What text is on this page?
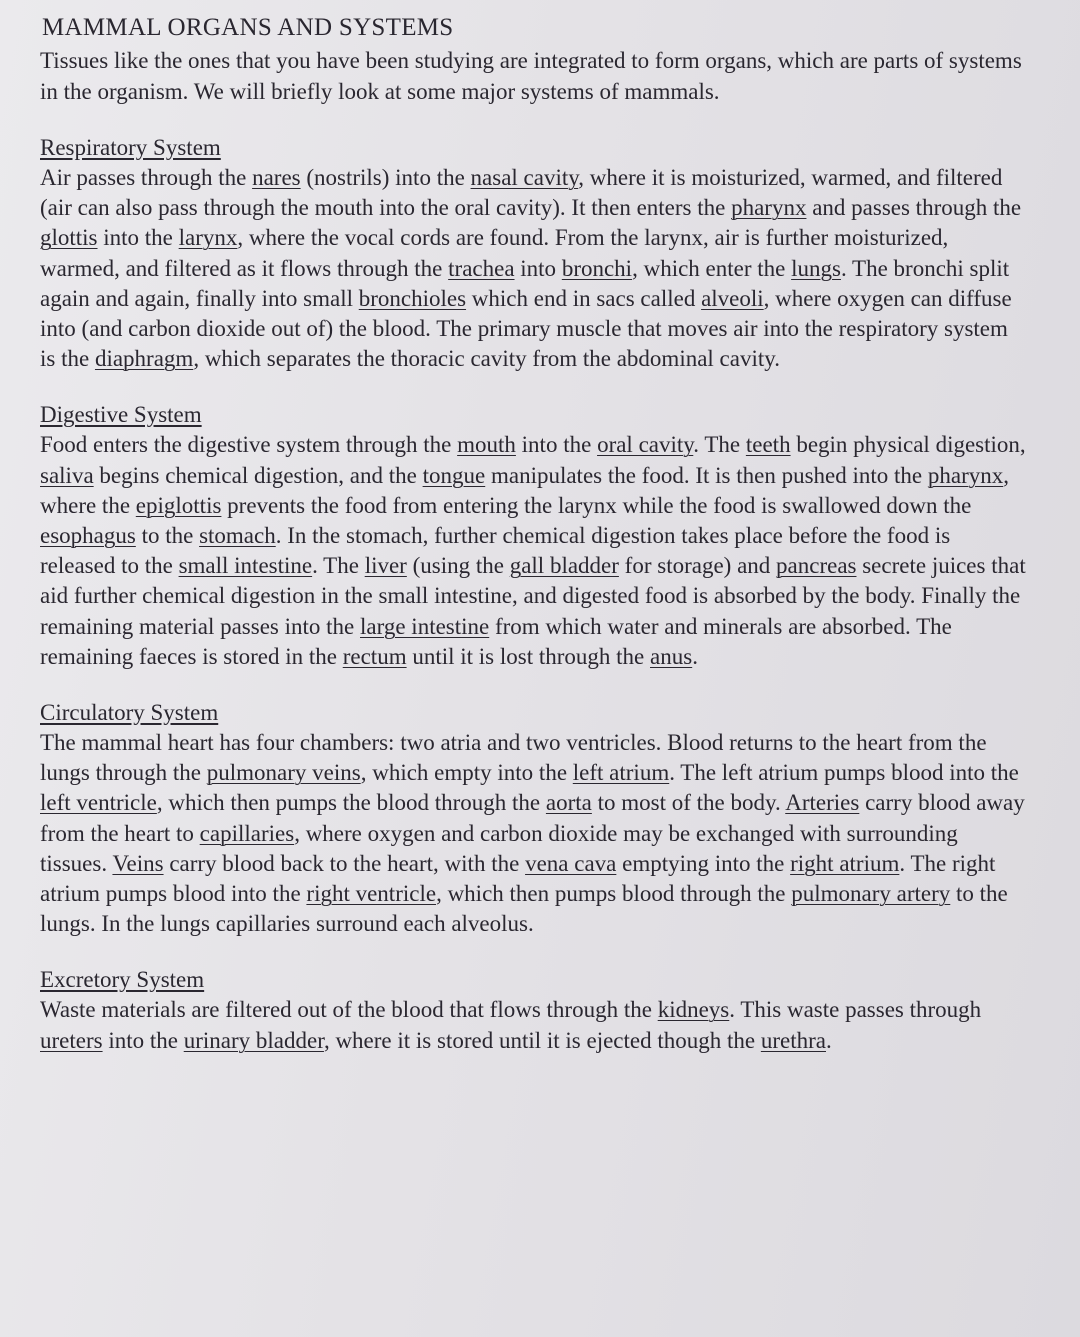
MAMMAL ORGANS AND SYSTEMS

Tissues like the ones that you have been studying are integrated to form organs, which are parts of systems in the organism. We will briefly look at some major systems of mammals.

Respiratory System

Air passes through the nares (nostrils) into the nasal cavity, where it is moisturized, warmed, and filtered (air can also pass through the mouth into the oral cavity). It then enters the pharynx and passes through the glottis into the larynx, where the vocal cords are found. From the larynx, air is further moisturized, warmed, and filtered as it flows through the trachea into bronchi, which enter the lungs. The bronchi split again and again, finally into small bronchioles which end in sacs called alveoli, where oxygen can diffuse into (and carbon dioxide out of) the blood. The primary muscle that moves air into the respiratory system is the diaphragm, which separates the thoracic cavity from the abdominal cavity.

Digestive System

Food enters the digestive system through the mouth into the oral cavity. The teeth begin physical digestion, saliva begins chemical digestion, and the tongue manipulates the food. It is then pushed into the pharynx, where the epiglottis prevents the food from entering the larynx while the food is swallowed down the esophagus to the stomach. In the stomach, further chemical digestion takes place before the food is released to the small intestine. The liver (using the gall bladder for storage) and pancreas secrete juices that aid further chemical digestion in the small intestine, and digested food is absorbed by the body. Finally the remaining material passes into the large intestine from which water and minerals are absorbed. The remaining faeces is stored in the rectum until it is lost through the anus.

Circulatory System

The mammal heart has four chambers: two atria and two ventricles. Blood returns to the heart from the lungs through the pulmonary veins, which empty into the left atrium. The left atrium pumps blood into the left ventricle, which then pumps the blood through the aorta to most of the body. Arteries carry blood away from the heart to capillaries, where oxygen and carbon dioxide may be exchanged with surrounding tissues. Veins carry blood back to the heart, with the vena cava emptying into the right atrium. The right atrium pumps blood into the right ventricle, which then pumps blood through the pulmonary artery to the lungs. In the lungs capillaries surround each alveolus.

Excretory System

Waste materials are filtered out of the blood that flows through the kidneys. This waste passes through ureters into the urinary bladder, where it is stored until it is ejected though the urethra.
